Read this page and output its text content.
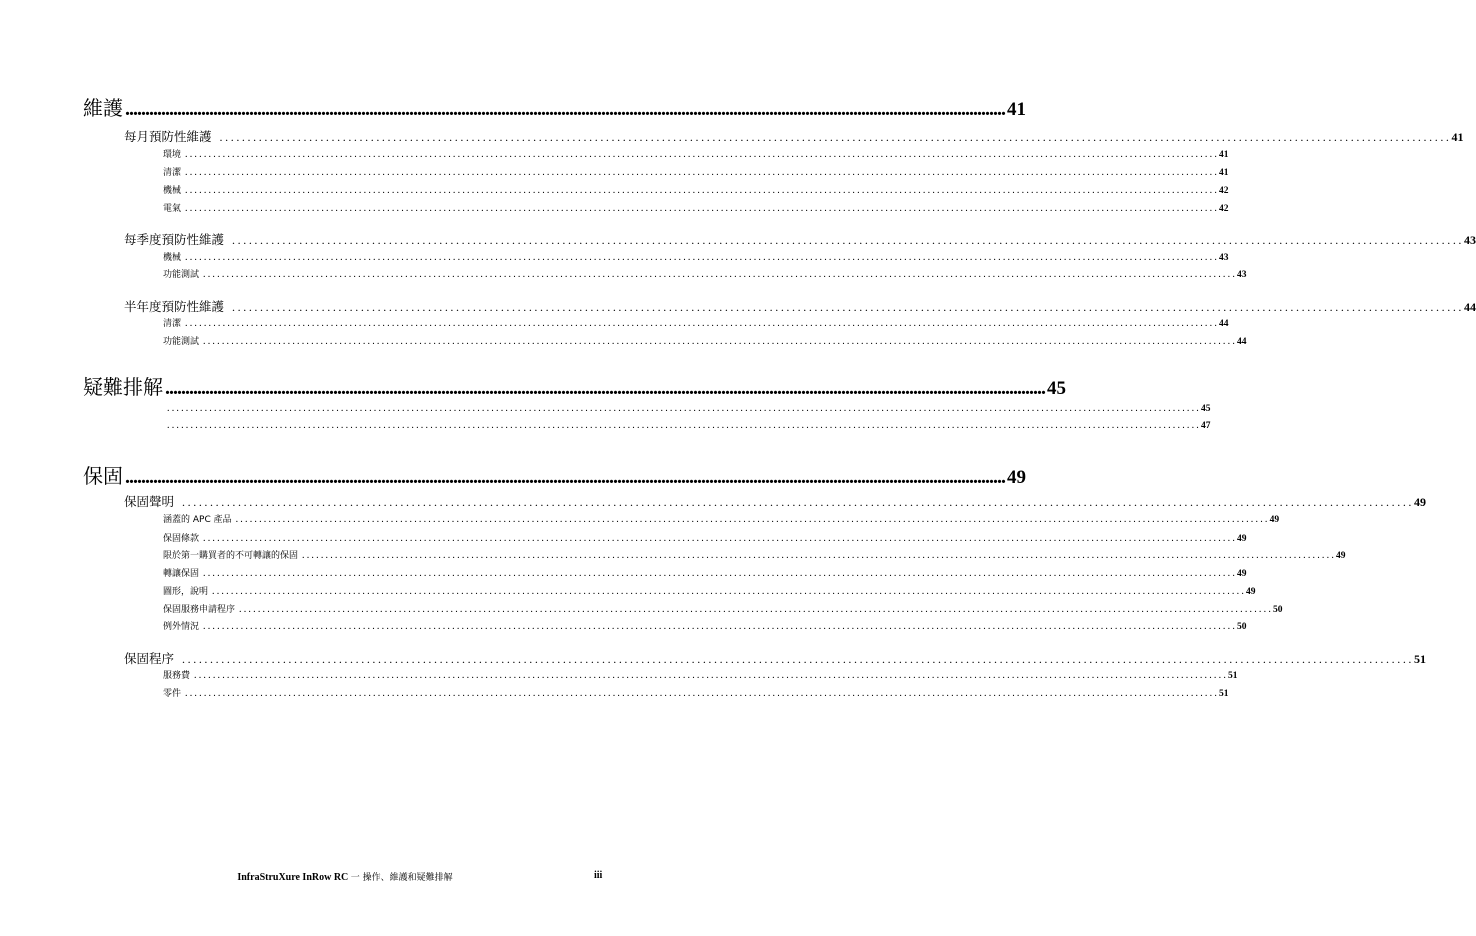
維護 ............................................................................................................................................................................................................................ 41
每月預防性維護 ............................................................................................................................................................................................................................ 41
環境 ............................................................................................................................................................................................................................ 41
清潔 ............................................................................................................................................................................................................................ 41
機械 ............................................................................................................................................................................................................................ 42
電氣 ............................................................................................................................................................................................................................ 42
每季度預防性維護 ............................................................................................................................................................................................................................ 43
機械 ............................................................................................................................................................................................................................ 43
功能測試 ............................................................................................................................................................................................................................ 43
半年度預防性維護 ............................................................................................................................................................................................................................ 44
清潔 ............................................................................................................................................................................................................................ 44
功能測試 ............................................................................................................................................................................................................................ 44
疑難排解 ............................................................................................................................................................................................................................ 45
............................................................................................................................................................................................................................ 45
............................................................................................................................................................................................................................ 47
保固 ............................................................................................................................................................................................................................ 49
保固聲明 ............................................................................................................................................................................................................................ 49
涵蓋的 APC 產品 ............................................................................................................................................................................................................................ 49
保固條款 ............................................................................................................................................................................................................................ 49
限於第一購買者的不可轉讓的保固 ............................................................................................................................................................................................................................ 49
轉讓保固 ............................................................................................................................................................................................................................ 49
圖形，說明 ............................................................................................................................................................................................................................ 49
保固服務申請程序 ............................................................................................................................................................................................................................ 50
例外情況 ............................................................................................................................................................................................................................ 50
保固程序 ............................................................................................................................................................................................................................ 51
服務費 ............................................................................................................................................................................................................................ 51
零件 ............................................................................................................................................................................................................................ 51
InfraStruXure InRow RC 一 操作、維護和疑難排解	iii
